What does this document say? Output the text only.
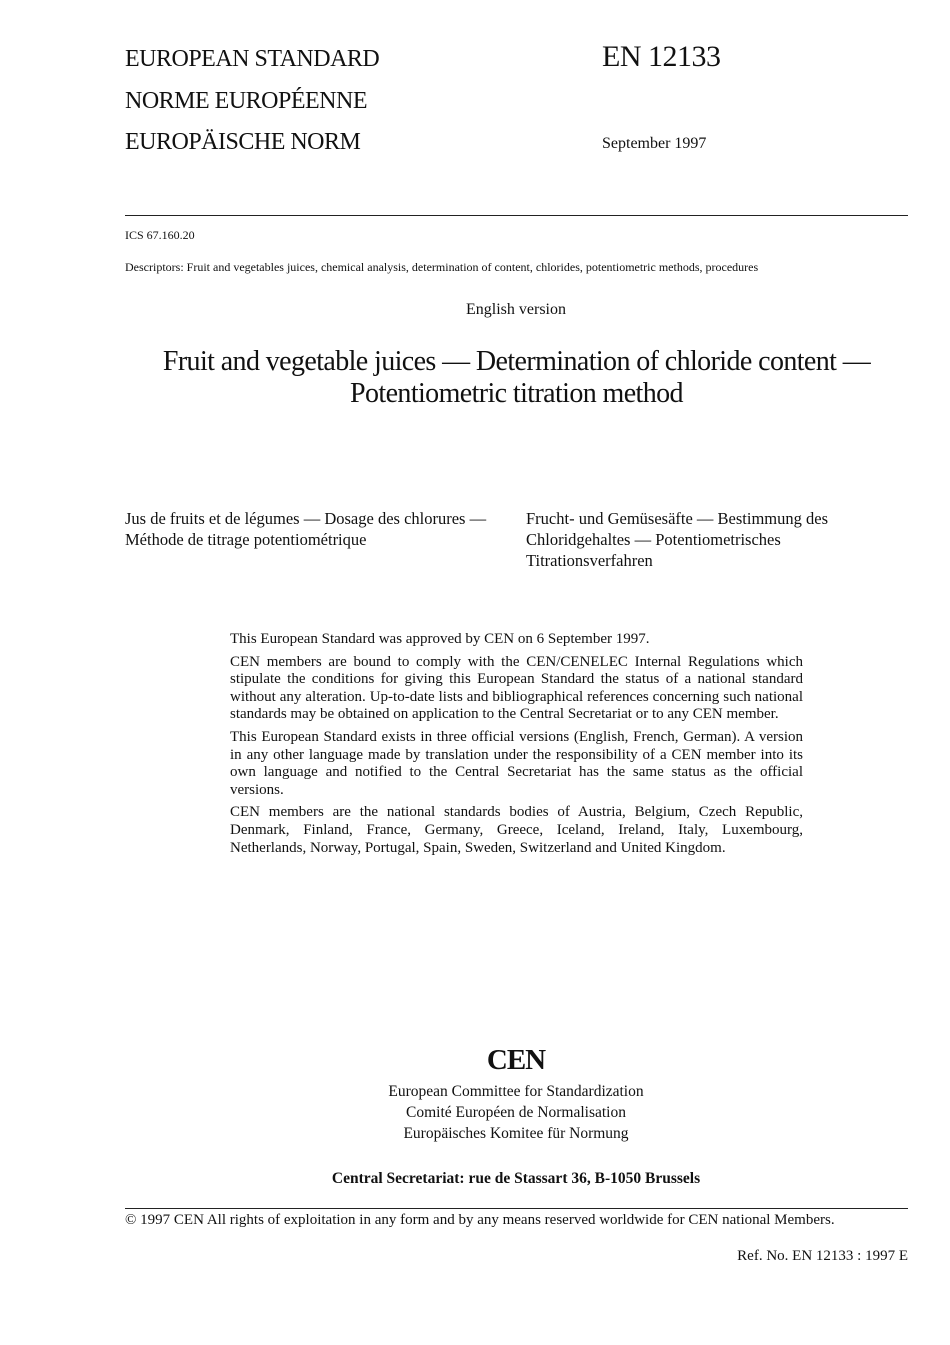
EUROPEAN STANDARD
NORME EUROPÉENNE
EUROPÄISCHE NORM
EN 12133
September 1997
ICS 67.160.20
Descriptors: Fruit and vegetables juices, chemical analysis, determination of content, chlorides, potentiometric methods, procedures
English version
Fruit and vegetable juices — Determination of chloride content — Potentiometric titration method
Jus de fruits et de légumes — Dosage des chlorures — Méthode de titrage potentiométrique
Frucht- und Gemüsesäfte — Bestimmung des Chloridgehaltes — Potentiometrisches Titrationsverfahren

This European Standard was approved by CEN on 6 September 1997.

CEN members are bound to comply with the CEN/CENELEC Internal Regulations which stipulate the conditions for giving this European Standard the status of a national standard without any alteration. Up-to-date lists and bibliographical references concerning such national standards may be obtained on application to the Central Secretariat or to any CEN member.

This European Standard exists in three official versions (English, French, German). A version in any other language made by translation under the responsibility of a CEN member into its own language and notified to the Central Secretariat has the same status as the official versions.

CEN members are the national standards bodies of Austria, Belgium, Czech Republic, Denmark, Finland, France, Germany, Greece, Iceland, Ireland, Italy, Luxembourg, Netherlands, Norway, Portugal, Spain, Sweden, Switzerland and United Kingdom.

CEN
European Committee for Standardization
Comité Européen de Normalisation
Europäisches Komitee für Normung
Central Secretariat: rue de Stassart 36, B-1050 Brussels
© 1997 CEN All rights of exploitation in any form and by any means reserved worldwide for CEN national Members.
Ref. No. EN 12133 : 1997 E
